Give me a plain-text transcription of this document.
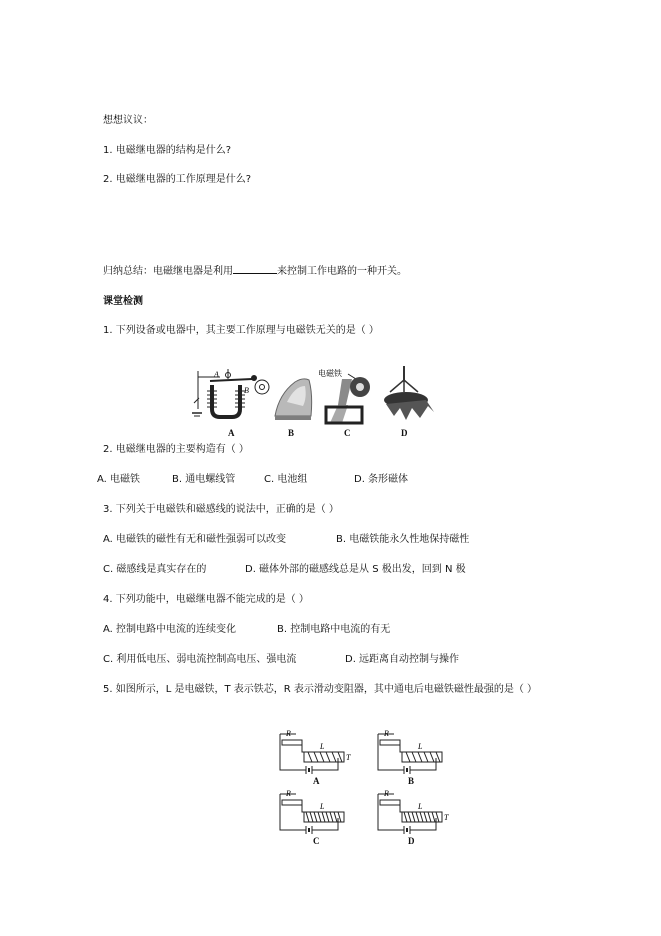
想想议议：
1. 电磁继电器的结构是什么?
2. 电磁继电器的工作原理是什么?
归纳总结：电磁继电器是利用	来控制工作电路的一种开关。
课堂检测
1. 下列设备或电器中，其主要工作原理与电磁铁无关的是（ ）
A
B
电磁铁
A	B	C	D
2. 电磁继电器的主要构造有（ ）
A. 电磁铁	B. 通电螺线管	C. 电池组	D. 条形磁体
3. 下列关于电磁铁和磁感线的说法中，正确的是（ ）
A. 电磁铁的磁性有无和磁性强弱可以改变	B. 电磁铁能永久性地保持磁性
C. 磁感线是真实存在的	D. 磁体外部的磁感线总是从 S 极出发，回到 N 极
4. 下列功能中，电磁继电器不能完成的是（ ）
A. 控制电路中电流的连续变化	B. 控制电路中电流的有无
C. 利用低电压、弱电流控制高电压、强电流	D. 远距离自动控制与操作
5. 如图所示，L 是电磁铁，T 表示铁芯，R 表示滑动变阻器，其中通电后电磁铁磁性最强的是（ ）
R
L
T
R
L
R
L
R
L
T
A	B
C	D
